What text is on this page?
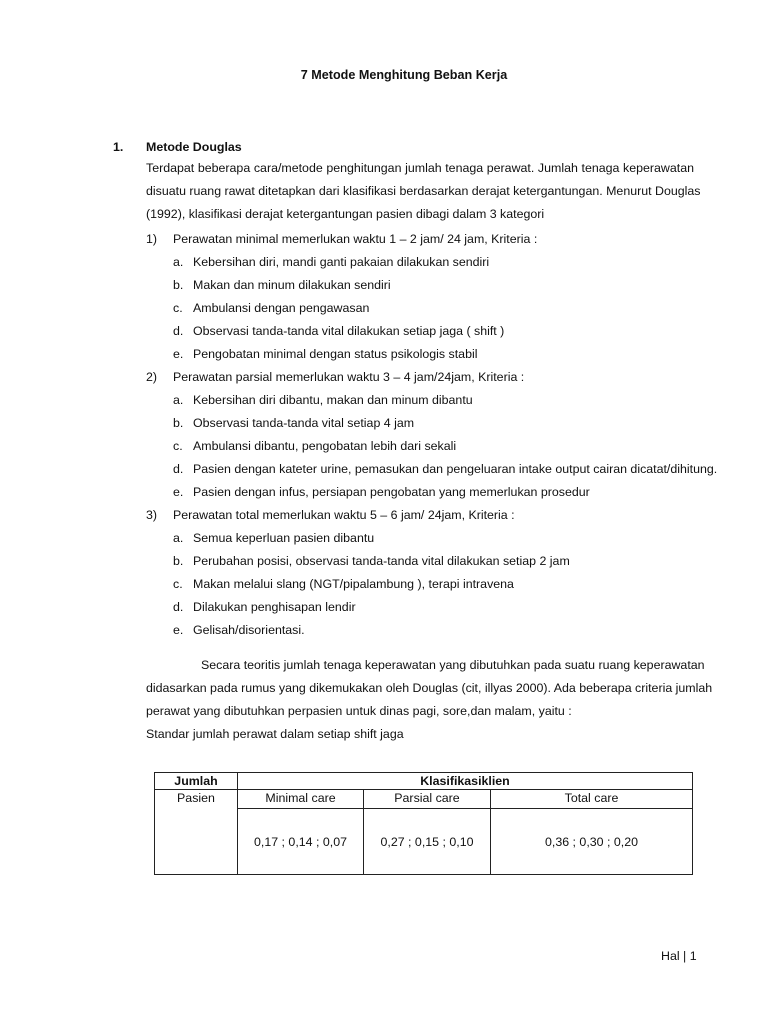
7 Metode Menghitung Beban Kerja
1. Metode Douglas
Terdapat beberapa cara/metode penghitungan jumlah tenaga perawat. Jumlah tenaga keperawatan
disuatu ruang rawat ditetapkan dari klasifikasi berdasarkan derajat ketergantungan. Menurut Douglas
(1992), klasifikasi derajat ketergantungan pasien dibagi dalam 3 kategori
1) Perawatan minimal memerlukan waktu 1 – 2 jam/ 24 jam, Kriteria :
a. Kebersihan diri, mandi ganti pakaian dilakukan sendiri
b. Makan dan minum dilakukan sendiri
c. Ambulansi dengan pengawasan
d. Observasi tanda-tanda vital dilakukan setiap jaga ( shift )
e. Pengobatan minimal dengan status psikologis stabil
2) Perawatan parsial memerlukan waktu 3 – 4 jam/24jam, Kriteria :
a. Kebersihan diri dibantu, makan dan minum dibantu
b. Observasi tanda-tanda vital setiap 4 jam
c. Ambulansi dibantu, pengobatan lebih dari sekali
d. Pasien dengan kateter urine, pemasukan dan pengeluaran intake output cairan dicatat/dihitung.
e. Pasien dengan infus, persiapan pengobatan yang memerlukan prosedur
3) Perawatan total memerlukan waktu 5 – 6 jam/ 24jam, Kriteria :
a. Semua keperluan pasien dibantu
b. Perubahan posisi, observasi tanda-tanda vital dilakukan setiap 2 jam
c. Makan melalui slang (NGT/pipalambung ), terapi intravena
d. Dilakukan penghisapan lendir
e. Gelisah/disorientasi.
Secara teoritis jumlah tenaga keperawatan yang dibutuhkan pada suatu ruang keperawatan
didasarkan pada rumus yang dikemukakan oleh Douglas (cit, illyas 2000). Ada beberapa criteria jumlah
perawat yang dibutuhkan perpasien untuk dinas pagi, sore,dan malam, yaitu :
Standar jumlah perawat dalam setiap shift jaga
Jumlah	Klasifikasiklien		
Pasien	Minimal care	Parsial care	Total care
	0,17 ; 0,14 ; 0,07	0,27 ; 0,15 ; 0,10	0,36 ; 0,30 ; 0,20
Hal | 1
